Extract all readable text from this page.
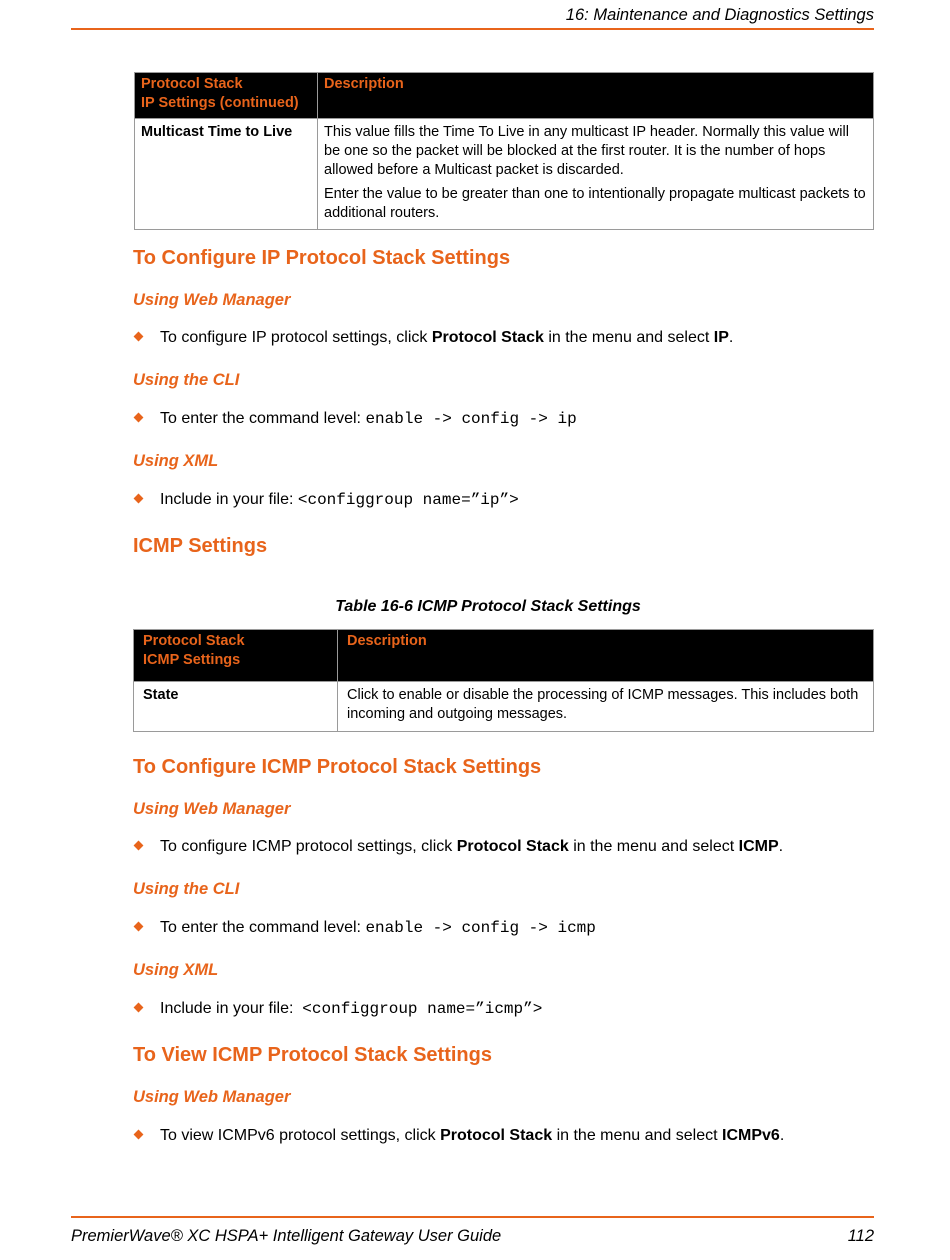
16: Maintenance and Diagnostics Settings
Protocol Stack
IP Settings (continued)	Description
Multicast Time to Live	This value fills the Time To Live in any multicast IP header. Normally this value will be one so the packet will be blocked at the first router. It is the number of hops allowed before a Multicast packet is discarded.

Enter the value to be greater than one to intentionally propagate multicast packets to additional routers.

To Configure IP Protocol Stack Settings
Using Web Manager
To configure IP protocol settings, click Protocol Stack in the menu and select IP.
Using the CLI
To enter the command level: enable -> config -> ip
Using XML
Include in your file: <configgroup name=”ip”>
ICMP Settings
Table 16-6 ICMP Protocol Stack Settings
Protocol Stack
ICMP Settings	Description
State	Click to enable or disable the processing of ICMP messages. This includes both incoming and outgoing messages.
To Configure ICMP Protocol Stack Settings
Using Web Manager
To configure ICMP protocol settings, click Protocol Stack in the menu and select ICMP.
Using the CLI
To enter the command level: enable -> config -> icmp
Using XML
Include in your file:  <configgroup name=”icmp”>
To View ICMP Protocol Stack Settings
Using Web Manager
To view ICMPv6 protocol settings, click Protocol Stack in the menu and select ICMPv6.
PremierWave® XC HSPA+ Intelligent Gateway User Guide	112
